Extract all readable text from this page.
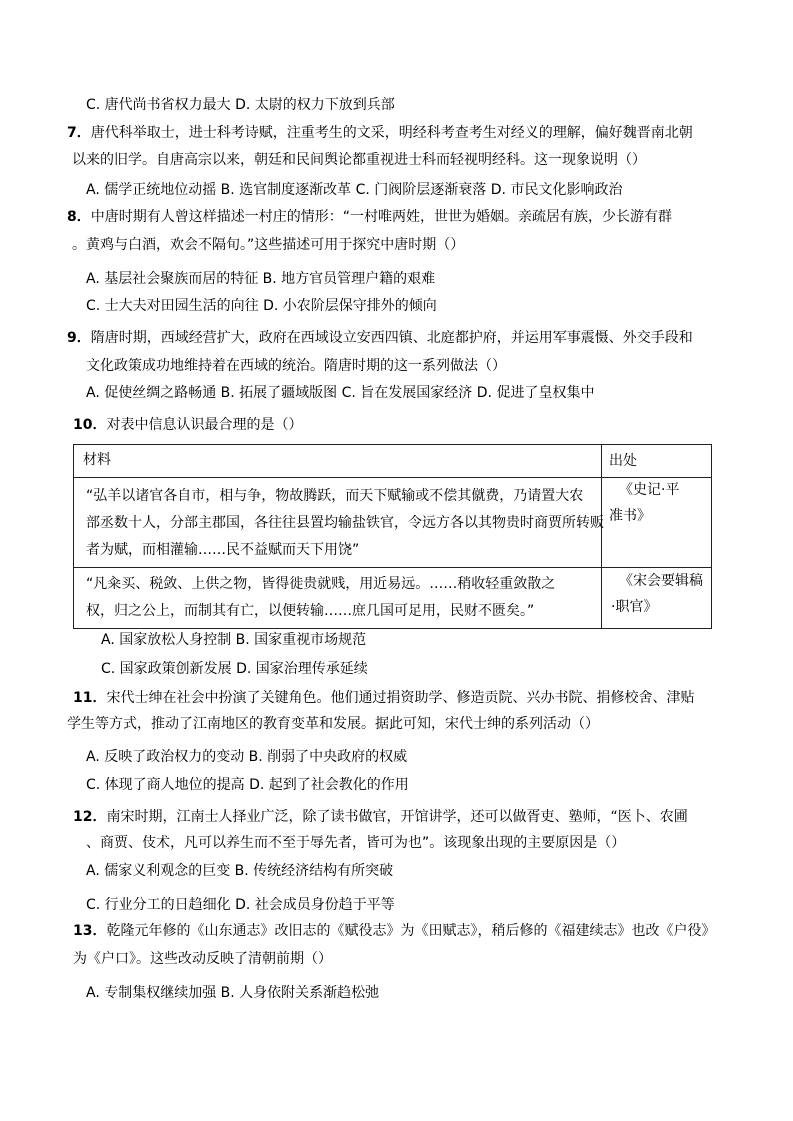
C. 唐代尚书省权力最大 D. 太尉的权力下放到兵部
7．唐代科举取士，进士科考诗赋，注重考生的文采，明经科考查考生对经义的理解，偏好魏晋南北朝
以来的旧学。自唐高宗以来，朝廷和民间舆论都重视进士科而轻视明经科。这一现象说明（）
A. 儒学正统地位动摇 B. 选官制度逐渐改革 C. 门阀阶层逐渐衰落 D. 市民文化影响政治
8．中唐时期有人曾这样描述一村庄的情形：“一村唯两姓，世世为婚姻。亲疏居有族，少长游有群
。黄鸡与白酒，欢会不隔旬。”这些描述可用于探究中唐时期（）
A. 基层社会聚族而居的特征 B. 地方官员管理户籍的艰难
C. 士大夫对田园生活的向往 D. 小农阶层保守排外的倾向
9．隋唐时期，西域经营扩大，政府在西域设立安西四镇、北庭都护府，并运用军事震慑、外交手段和
文化政策成功地维持着在西域的统治。隋唐时期的这一系列做法（）
A. 促使丝绸之路畅通 B. 拓展了疆域版图 C. 旨在发展国家经济 D. 促进了皇权集中
10．对表中信息认识最合理的是（）
材料	出处
“弘羊以诸官各自市，相与争，物故腾跃，而天下赋输或不偿其僦费，乃请置大农
部丞数十人，分部主郡国，各往往县置均输盐铁官，令远方各以其物贵时商贾所转贩
者为赋，而相灌输……民不益赋而天下用饶”
《史记·平
准书》
“凡籴买、税敛、上供之物，皆得徙贵就贱，用近易远。……稍收轻重敛散之
权，归之公上，而制其有亡，以便转输……庶几国可足用，民财不匮矣。”
《宋会要辑稿
·职官》
A. 国家放松人身控制 B. 国家重视市场规范
C. 国家政策创新发展 D. 国家治理传承延续
11．宋代士绅在社会中扮演了关键角色。他们通过捐资助学、修造贡院、兴办书院、捐修校舍、津贴
学生等方式，推动了江南地区的教育变革和发展。据此可知，宋代士绅的系列活动（）
A. 反映了政治权力的变动 B. 削弱了中央政府的权威
C. 体现了商人地位的提高 D. 起到了社会教化的作用
12．南宋时期，江南士人择业广泛，除了读书做官，开馆讲学，还可以做胥吏、塾师，“医卜、农圃
、商贾、伎术，凡可以养生而不至于辱先者，皆可为也”。该现象出现的主要原因是（）
A. 儒家义利观念的巨变 B. 传统经济结构有所突破
C. 行业分工的日趋细化 D. 社会成员身份趋于平等
13．乾隆元年修的《山东通志》改旧志的《赋役志》为《田赋志》，稍后修的《福建续志》也改《户役》
为《户口》。这些改动反映了清朝前期（）
A. 专制集权继续加强 B. 人身依附关系渐趋松弛
